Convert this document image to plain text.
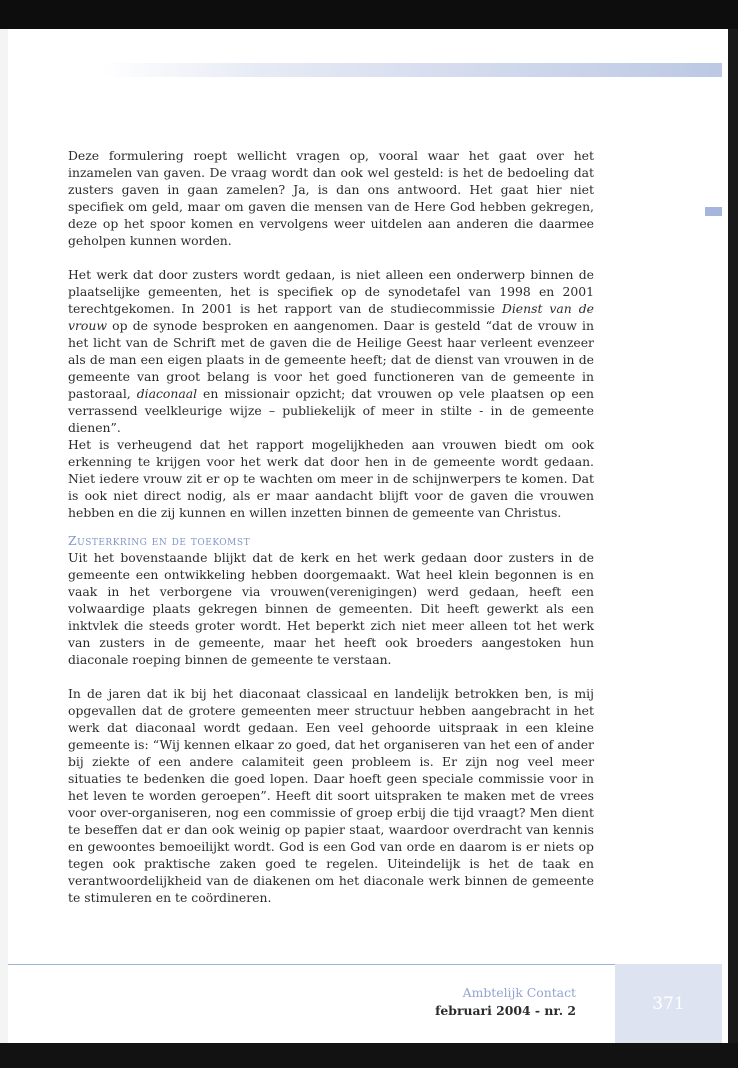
Deze formulering roept wellicht vragen op, vooral waar het gaat over het inzamelen van gaven. De vraag wordt dan ook wel gesteld: is het de bedoeling dat zusters gaven in gaan zamelen? Ja, is dan ons antwoord. Het gaat hier niet specifiek om geld, maar om gaven die mensen van de Here God hebben gekregen, deze op het spoor komen en vervolgens weer uitdelen aan anderen die daarmee geholpen kunnen worden.

Het werk dat door zusters wordt gedaan, is niet alleen een onderwerp binnen de plaatselijke gemeenten, het is specifiek op de synodetafel van 1998 en 2001 terechtgekomen. In 2001 is het rapport van de studiecommissie Dienst van de vrouw op de synode besproken en aangenomen. Daar is gesteld “dat de vrouw in het licht van de Schrift met de gaven die de Heilige Geest haar verleent evenzeer als de man een eigen plaats in de gemeente heeft; dat de dienst van vrouwen in de gemeente van groot belang is voor het goed functioneren van de gemeente in pastoraal, diaconaal en missionair opzicht; dat vrouwen op vele plaatsen op een verrassend veelkleurige wijze – publiekelijk of meer in stilte - in de gemeente dienen”.

Het is verheugend dat het rapport mogelijkheden aan vrouwen biedt om ook erkenning te krijgen voor het werk dat door hen in de gemeente wordt gedaan. Niet iedere vrouw zit er op te wachten om meer in de schijnwerpers te komen. Dat is ook niet direct nodig, als er maar aandacht blijft voor de gaven die vrouwen hebben en die zij kunnen en willen inzetten binnen de gemeente van Christus.

Zusterkring en de toekomst

Uit het bovenstaande blijkt dat de kerk en het werk gedaan door zusters in de gemeente een ontwikkeling hebben doorgemaakt. Wat heel klein begonnen is en vaak in het verborgene via vrouwen(verenigingen) werd gedaan, heeft een volwaardige plaats gekregen binnen de gemeenten. Dit heeft gewerkt als een inktvlek die steeds groter wordt. Het beperkt zich niet meer alleen tot het werk van zusters in de gemeente, maar het heeft ook broeders aangestoken hun diaconale roeping binnen de gemeente te verstaan.

In de jaren dat ik bij het diaconaat classicaal en landelijk betrokken ben, is mij opgevallen dat de grotere gemeenten meer structuur hebben aangebracht in het werk dat diaconaal wordt gedaan. Een veel gehoorde uitspraak in een kleine gemeente is: “Wij kennen elkaar zo goed, dat het organiseren van het een of ander bij ziekte of een andere calamiteit geen probleem is. Er zijn nog veel meer situaties te bedenken die goed lopen. Daar hoeft geen speciale commissie voor in het leven te worden geroepen”. Heeft dit soort uitspraken te maken met de vrees voor over-organiseren, nog een commissie of groep erbij die tijd vraagt? Men dient te beseffen dat er dan ook weinig op papier staat, waardoor overdracht van kennis en gewoontes bemoeilijkt wordt. God is een God van orde en daarom is er niets op tegen ook praktische zaken goed te regelen. Uiteindelijk is het de taak en verantwoordelijkheid van de diakenen om het diaconale werk binnen de gemeente te stimuleren en te coördineren.

Ambtelijk Contact
februari 2004 - nr. 2	371
